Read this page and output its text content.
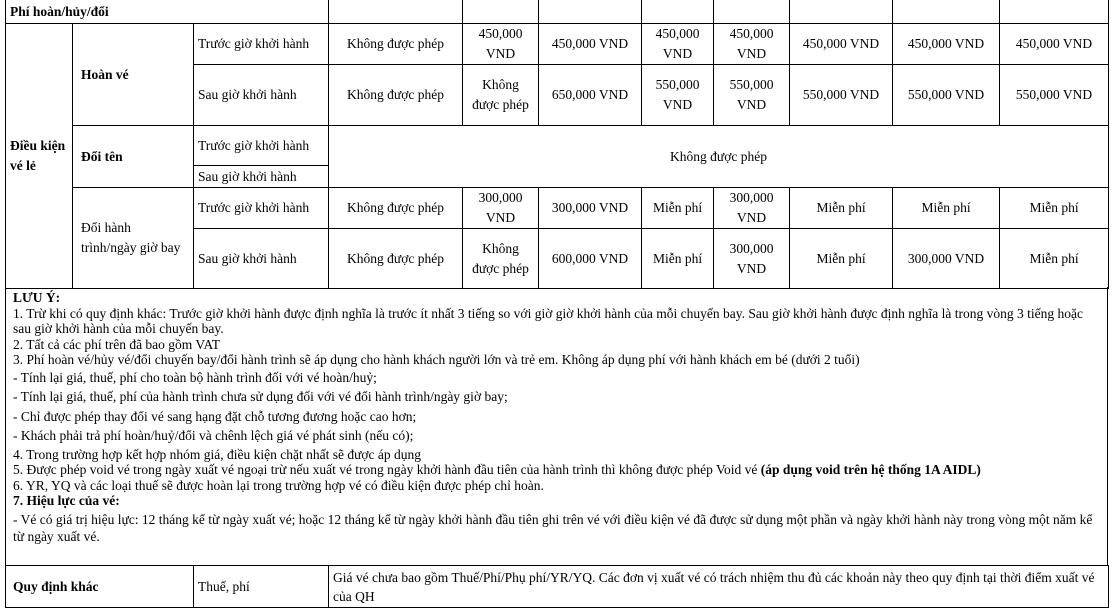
Phí hoàn/hủy/đổi										
Điều kiện vé lẻ	Hoàn vé	Trước giờ khởi hành	Không được phép	450,000 VND	450,000 VND	450,000 VND	450,000 VND	450,000 VND	450,000 VND	450,000 VND
		Sau giờ khởi hành	Không được phép	Không được phép	650,000 VND	550,000 VND	550,000 VND	550,000 VND	550,000 VND	550,000 VND
	Đổi tên	Trước giờ khởi hành	Không được phép							
		Sau giờ khởi hành								
	Đổi hành trình/ngày giờ bay	Trước giờ khởi hành	Không được phép	300,000 VND	300,000 VND	Miễn phí	300,000 VND	Miễn phí	Miễn phí	Miễn phí
		Sau giờ khởi hành	Không được phép	Không được phép	600,000 VND	Miễn phí	300,000 VND	Miễn phí	300,000 VND	Miễn phí
LƯU Ý:
1. Trừ khi có quy định khác: Trước giờ khởi hành được định nghĩa là trước ít nhất 3 tiếng so với giờ giờ khởi hành của mỗi chuyến bay. Sau giờ khởi hành được định nghĩa là trong vòng 3 tiếng hoặc sau giờ khởi hành của mỗi chuyến bay.
2. Tất cả các phí trên đã bao gồm VAT
3. Phí hoàn vé/hủy vé/đổi chuyến bay/đổi hành trình sẽ áp dụng cho hành khách người lớn và trẻ em. Không áp dụng phí với hành khách em bé (dưới 2 tuổi)
- Tính lại giá, thuế, phí cho toàn bộ hành trình đối với vé hoàn/huỷ;
- Tính lại giá, thuế, phí của hành trình chưa sử dụng đối với vé đổi hành trình/ngày giờ bay;
- Chỉ được phép thay đổi vé sang hạng đặt chỗ tương đương hoặc cao hơn;
- Khách phải trả phí hoàn/huỷ/đổi và chênh lệch giá vé phát sinh (nếu có);
4. Trong trường hợp kết hợp nhóm giá, điều kiện chặt nhất sẽ được áp dụng
5. Được phép void vé trong ngày xuất vé ngoại trừ nếu xuất vé trong ngày khởi hành đầu tiên của hành trình thì không được phép Void vé (áp dụng void trên hệ thống 1A AIDL)
6. YR, YQ và các loại thuế sẽ được hoàn lại trong trường hợp vé có điều kiện được phép chỉ hoàn.
7. Hiệu lực của vé:
- Vé có giá trị hiệu lực: 12 tháng kể từ ngày xuất vé; hoặc 12 tháng kể từ ngày khởi hành đầu tiên ghi trên vé với điều kiện vé đã được sử dụng một phần và ngày khởi hành này trong vòng một năm kể từ ngày xuất vé.
Quy định khác	Thuế, phí	Giá vé chưa bao gồm Thuế/Phí/Phụ phí/YR/YQ. Các đơn vị xuất vé có trách nhiệm thu đủ các khoản này theo quy định tại thời điểm xuất vé của QH
